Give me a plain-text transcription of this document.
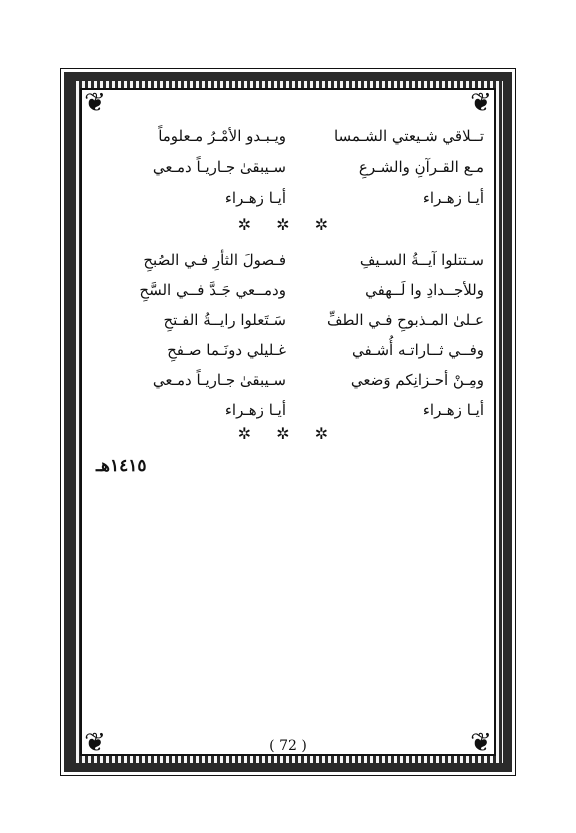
❦	❦
❦	❦
تــلاقي شـيعتي الشـمسا
ويـبـدو الأمْـرُ مـعلوماً
مـع القـرآنِ والشـرعِ
سـيبقىٰ جـاريـاً دمـعي
أيـا زهـراء
أيـا زهـراء
✲ ✲ ✲
سـتتلوا آيــةُ السـيفِ
فـصولَ الثأرِ فـي الصُبحِ
وللأجــدادِ وا لَــهفي
ودمــعي جَـدَّ فــي السَّحِ
عـلىٰ المـذبوحِ فـي الطفِّ
سَـتَعلوا رايــةُ الفـتحِ
وفــي ثــاراتـه أُشـفي
غـليلي دونَـما صـفحِ
ومِـنْ أحـزانِكم وَضعي
سـيبقىٰ جـاريـاً دمـعي
أيـا زهـراء
أيـا زهـراء
✲ ✲ ✲
١٤١٥هـ
( 72 )
